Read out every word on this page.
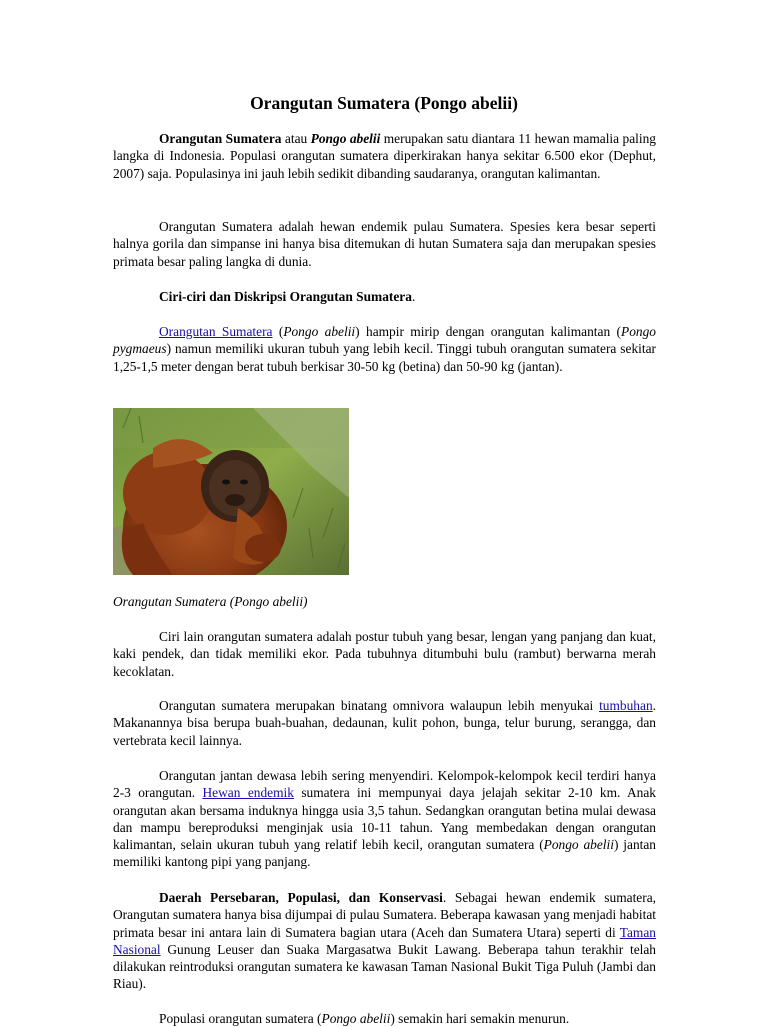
Orangutan Sumatera (Pongo abelii)

Orangutan Sumatera atau Pongo abelii merupakan satu diantara 11 hewan mamalia paling langka di Indonesia. Populasi orangutan sumatera diperkirakan hanya sekitar 6.500 ekor (Dephut, 2007) saja. Populasinya ini jauh lebih sedikit dibanding saudaranya, orangutan kalimantan.

Orangutan Sumatera adalah hewan endemik pulau Sumatera. Spesies kera besar seperti halnya gorila dan simpanse ini hanya bisa ditemukan di hutan Sumatera saja dan merupakan spesies primata besar paling langka di dunia.

Ciri-ciri dan Diskripsi Orangutan Sumatera.

Orangutan Sumatera (Pongo abelii) hampir mirip dengan orangutan kalimantan (Pongo pygmaeus) namun memiliki ukuran tubuh yang lebih kecil. Tinggi tubuh orangutan sumatera sekitar 1,25-1,5 meter dengan berat tubuh berkisar 30-50 kg (betina) dan 50-90 kg (jantan).

Orangutan Sumatera (Pongo abelii)

Ciri lain orangutan sumatera adalah postur tubuh yang besar, lengan yang panjang dan kuat, kaki pendek, dan tidak memiliki ekor. Pada tubuhnya ditumbuhi bulu (rambut) berwarna merah kecoklatan.

Orangutan sumatera merupakan binatang omnivora walaupun lebih menyukai tumbuhan. Makanannya bisa berupa buah-buahan, dedaunan, kulit pohon, bunga, telur burung, serangga, dan vertebrata kecil lainnya.

Orangutan jantan dewasa lebih sering menyendiri. Kelompok-kelompok kecil terdiri hanya 2-3 orangutan. Hewan endemik sumatera ini mempunyai daya jelajah sekitar 2-10 km. Anak orangutan akan bersama induknya hingga usia 3,5 tahun. Sedangkan orangutan betina mulai dewasa dan mampu bereproduksi menginjak usia 10-11 tahun. Yang membedakan dengan orangutan kalimantan, selain ukuran tubuh yang relatif lebih kecil, orangutan sumatera (Pongo abelii) jantan memiliki kantong pipi yang panjang.

Daerah Persebaran, Populasi, dan Konservasi. Sebagai hewan endemik sumatera, Orangutan sumatera hanya bisa dijumpai di pulau Sumatera. Beberapa kawasan yang menjadi habitat primata besar ini antara lain di Sumatera bagian utara (Aceh dan Sumatera Utara) seperti di Taman Nasional Gunung Leuser dan Suaka Margasatwa Bukit Lawang. Beberapa tahun terakhir telah dilakukan reintroduksi orangutan sumatera ke kawasan Taman Nasional Bukit Tiga Puluh (Jambi dan Riau).

Populasi orangutan sumatera (Pongo abelii) semakin hari semakin menurun.
